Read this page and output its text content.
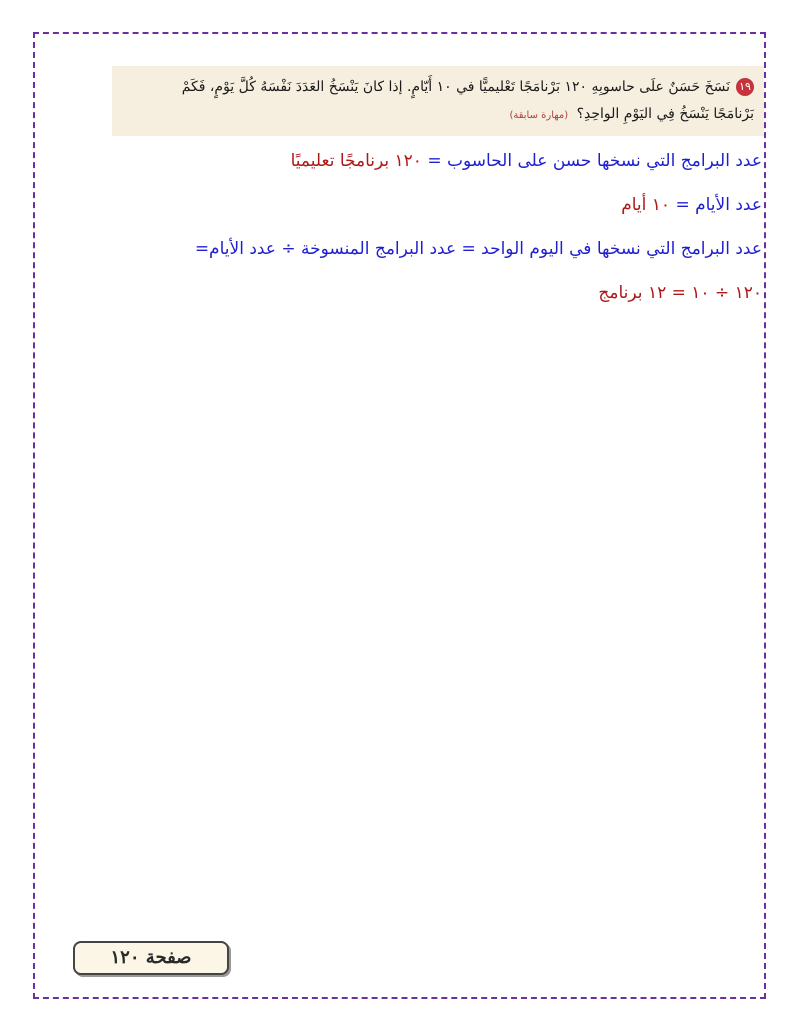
١٩نَسَخَ حَسَنٌ علَى حاسوبِهِ ١٢٠ بَرْنامَجًا تَعْليميًّا في ١٠ أَيّامٍ. إذا كانَ يَنْسَخُ العَدَدَ نَفْسَهُ كُلَّ يَوْمٍ، فَكَمْ
بَرْنامَجًا يَنْسَخُ فِي اليَوْمِ الواحِدِ؟ (مهارة سابقة)
عدد البرامج التي نسخها حسن على الحاسوب = ١٢٠ برنامجًا تعليميًا
عدد الأيام = ١٠ أيام
عدد البرامج التي نسخها في اليوم الواحد = عدد البرامج المنسوخة ÷ عدد الأيام=
١٢٠ ÷ ١٠ = ١٢ برنامج
صفحة ١٢٠
